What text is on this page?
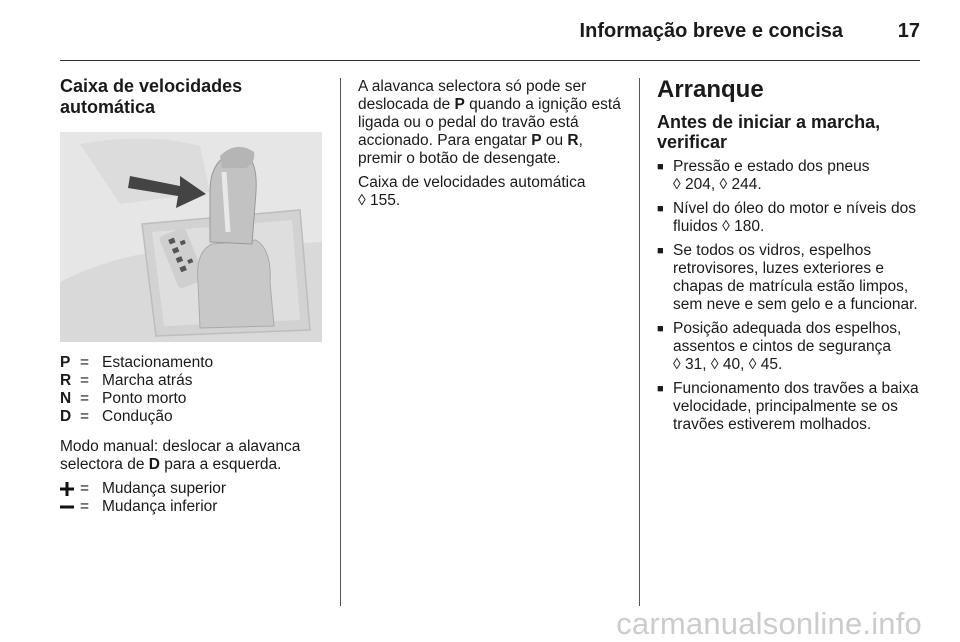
Informação breve e concisa	17
Caixa de velocidades automática
P = Estacionamento
R = Marcha atrás
N = Ponto morto
D = Condução

Modo manual: deslocar a alavanca selectora de D para a esquerda.

= Mudança superior
= Mudança inferior

A alavanca selectora só pode ser deslocada de P quando a ignição está ligada ou o pedal do travão está accionado. Para engatar P ou R, premir o botão de desengate.

Caixa de velocidades automática
◊ 155.

Arranque
Antes de iniciar a marcha, verificar
■ Pressão e estado dos pneus
◊ 204, ◊ 244.
■ Nível do óleo do motor e níveis dos fluidos ◊ 180.
■ Se todos os vidros, espelhos retrovisores, luzes exteriores e chapas de matrícula estão limpos, sem neve e sem gelo e a funcionar.
■ Posição adequada dos espelhos, assentos e cintos de segurança
◊ 31, ◊ 40, ◊ 45.
■ Funcionamento dos travões a baixa velocidade, principalmente se os travões estiverem molhados.
carmanualsonline.info
